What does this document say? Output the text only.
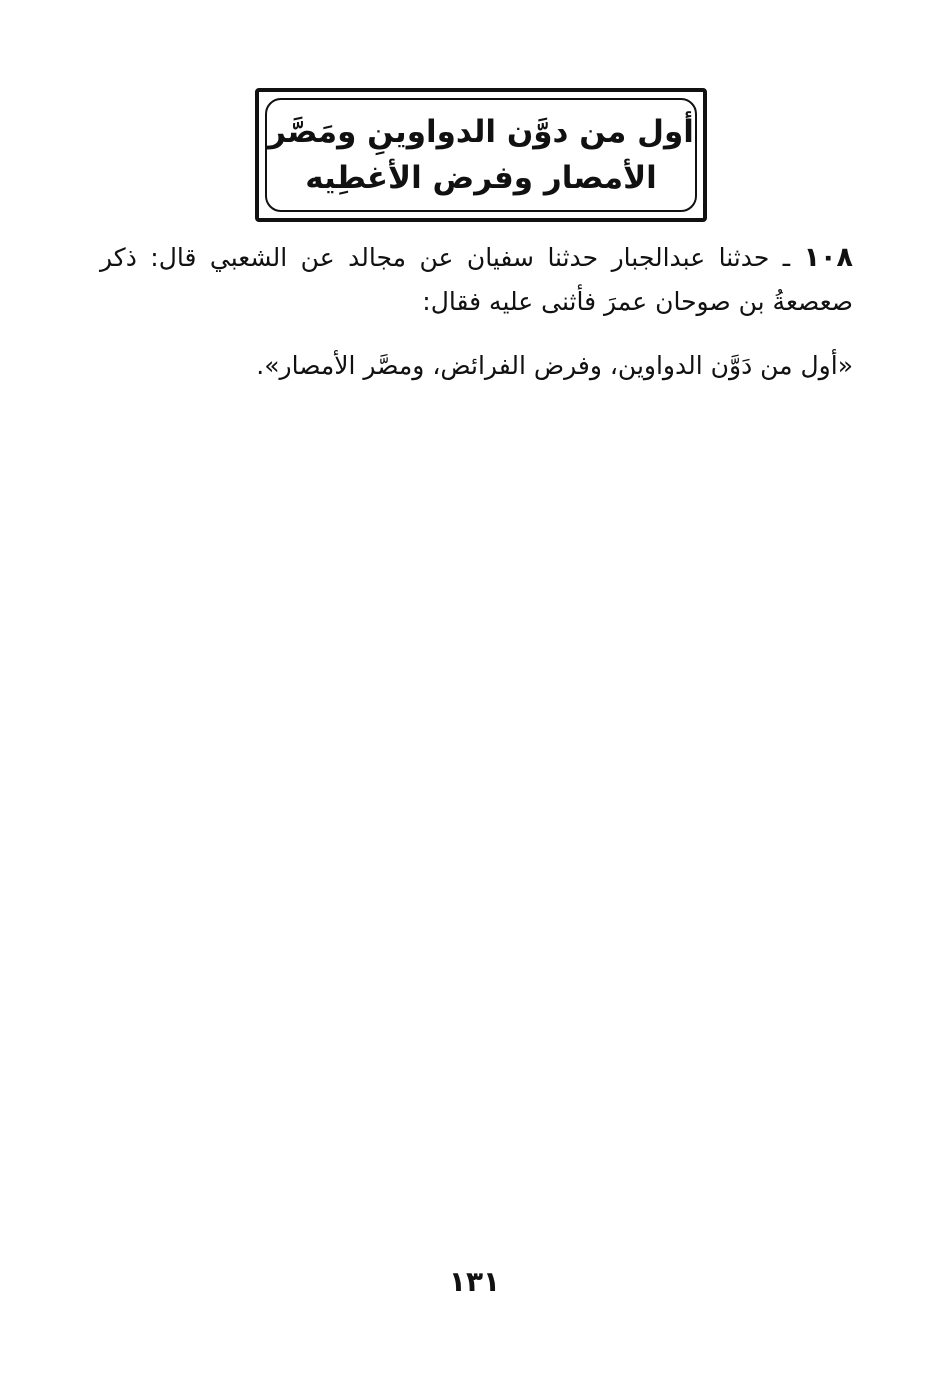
أول من دوَّن الدواوينِ ومَصَّر
الأمصار وفرض الأغطِيه

١٠٨ ـ حدثنا عبدالجبار حدثنا سفيان عن مجالد عن الشعبي قال: ذكر صعصعةُ بن صوحان عمرَ فأثنى عليه فقال:

«أول من دَوَّن الدواوين، وفرض الفرائض، ومصَّر الأمصار».

١٣١
